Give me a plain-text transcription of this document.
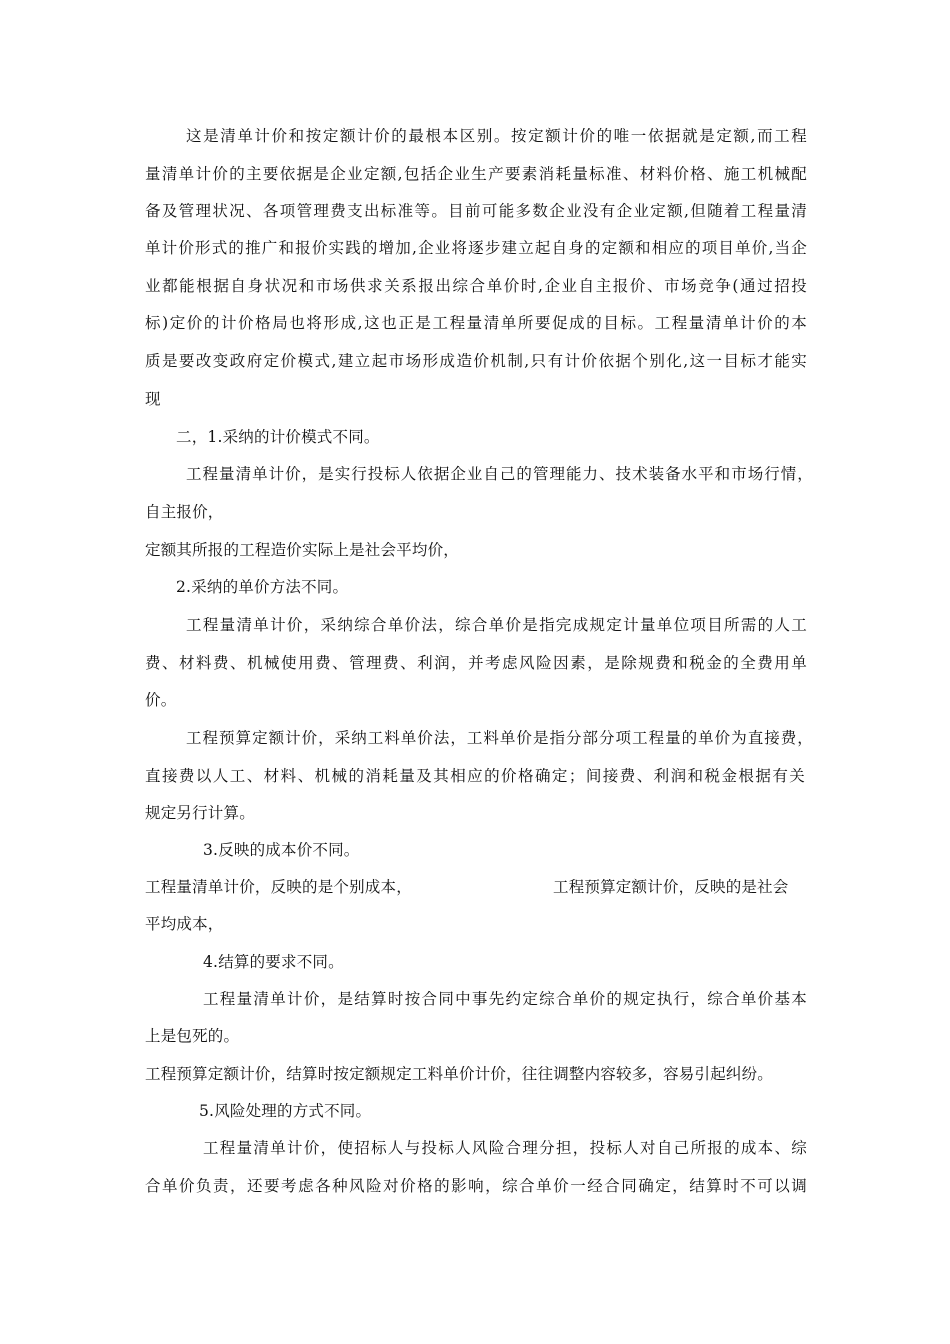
这是清单计价和按定额计价的最根本区别。按定额计价的唯一依据就是定额,而工程
量清单计价的主要依据是企业定额,包括企业生产要素消耗量标准、材料价格、施工机械配
备及管理状况、各项管理费支出标准等。目前可能多数企业没有企业定额,但随着工程量清
单计价形式的推广和报价实践的增加,企业将逐步建立起自身的定额和相应的项目单价,当企
业都能根据自身状况和市场供求关系报出综合单价时,企业自主报价、市场竞争(通过招投
标)定价的计价格局也将形成,这也正是工程量清单所要促成的目标。工程量清单计价的本
质是要改变政府定价模式,建立起市场形成造价机制,只有计价依据个别化,这一目标才能实
现
二，1.采纳的计价模式不同。
工程量清单计价，是实行投标人依据企业自己的管理能力、技术装备水平和市场行情，
自主报价，
定额其所报的工程造价实际上是社会平均价，
2.采纳的单价方法不同。
工程量清单计价，采纳综合单价法，综合单价是指完成规定计量单位项目所需的人工
费、材料费、机械使用费、管理费、利润，并考虑风险因素，是除规费和税金的全费用单
价。
工程预算定额计价，采纳工料单价法，工料单价是指分部分项工程量的单价为直接费，
直接费以人工、材料、机械的消耗量及其相应的价格确定；间接费、利润和税金根据有关
规定另行计算。
3.反映的成本价不同。
工程量清单计价，反映的是个别成本，	工程预算定额计价，反映的是社会
平均成本，
4.结算的要求不同。
工程量清单计价，是结算时按合同中事先约定综合单价的规定执行，综合单价基本
上是包死的。
工程预算定额计价，结算时按定额规定工料单价计价，往往调整内容较多，容易引起纠纷。
5.风险处理的方式不同。
工程量清单计价，使招标人与投标人风险合理分担，投标人对自己所报的成本、综
合单价负责，还要考虑各种风险对价格的影响，综合单价一经合同确定，结算时不可以调
